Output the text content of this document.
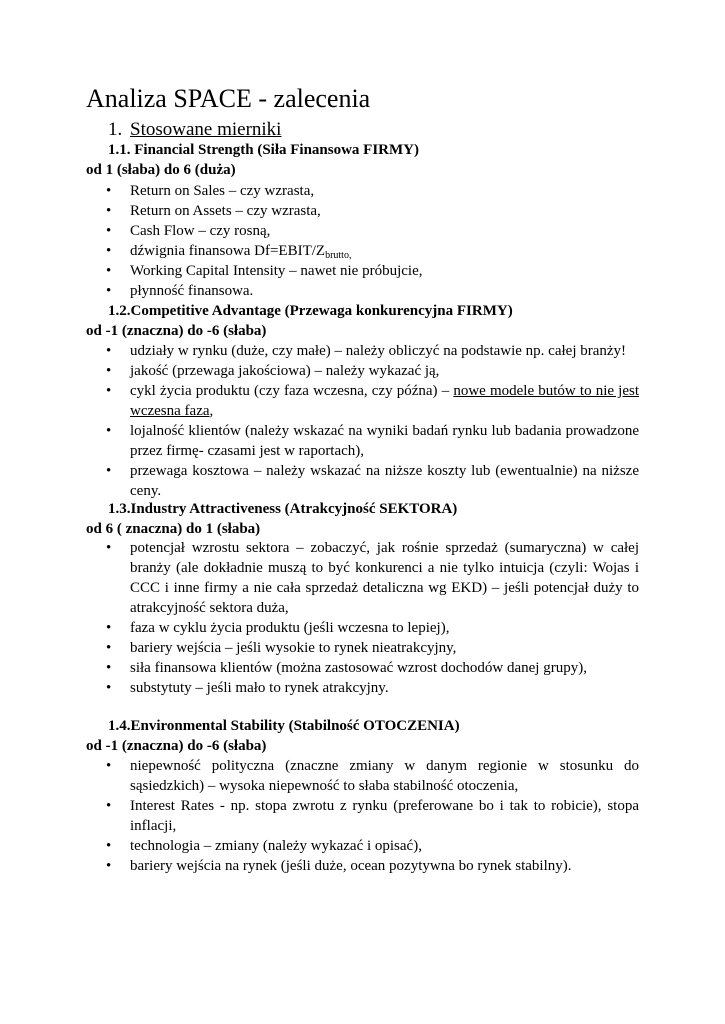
Analiza SPACE - zalecenia
1. Stosowane mierniki
1.1. Financial Strength (Siła Finansowa FIRMY)
od 1 (słaba) do 6 (duża)
• Return on Sales – czy wzrasta,
• Return on Assets – czy wzrasta,
• Cash Flow – czy rosną,
• dźwignia finansowa $Df=EBIT/Z_{brutto,}$
• Working Capital Intensity – nawet nie próbujcie,
• płynność finansowa.
1.2.Competitive Advantage (Przewaga konkurencyjna FIRMY)
od -1 (znaczna) do -6 (słaba)
• udziały w rynku (duże, czy małe) – należy obliczyć na podstawie np. całej branży!
• jakość (przewaga jakościowa) – należy wykazać ją,
• cykl życia produktu (czy faza wczesna, czy późna) – nowe modele butów to nie jest wczesna faza,
• lojalność klientów (należy wskazać na wyniki badań rynku lub badania prowadzone przez firmę- czasami jest w raportach),
• przewaga kosztowa – należy wskazać na niższe koszty lub (ewentualnie) na niższe ceny.
1.3.Industry Attractiveness (Atrakcyjność SEKTORA)
od 6 ( znaczna) do 1 (słaba)
• potencjał wzrostu sektora – zobaczyć, jak rośnie sprzedaż (sumaryczna) w całej branży (ale dokładnie muszą to być konkurenci a nie tylko intuicja (czyli: Wojas i CCC i inne firmy a nie cała sprzedaż detaliczna wg EKD) – jeśli potencjał duży to atrakcyjność sektora duża,
• faza w cyklu życia produktu (jeśli wczesna to lepiej),
• bariery wejścia – jeśli wysokie to rynek nieatrakcyjny,
• siła finansowa klientów (można zastosować wzrost dochodów danej grupy),
• substytuty – jeśli mało to rynek atrakcyjny.
1.4.Environmental Stability (Stabilność OTOCZENIA)
od -1 (znaczna) do -6 (słaba)
• niepewność polityczna (znaczne zmiany w danym regionie w stosunku do sąsiedzkich) – wysoka niepewność to słaba stabilność otoczenia,
• Interest Rates - np. stopa zwrotu z rynku (preferowane bo i tak to robicie), stopa inflacji,
• technologia – zmiany (należy wykazać i opisać),
• bariery wejścia na rynek (jeśli duże, ocean pozytywna bo rynek stabilny).
